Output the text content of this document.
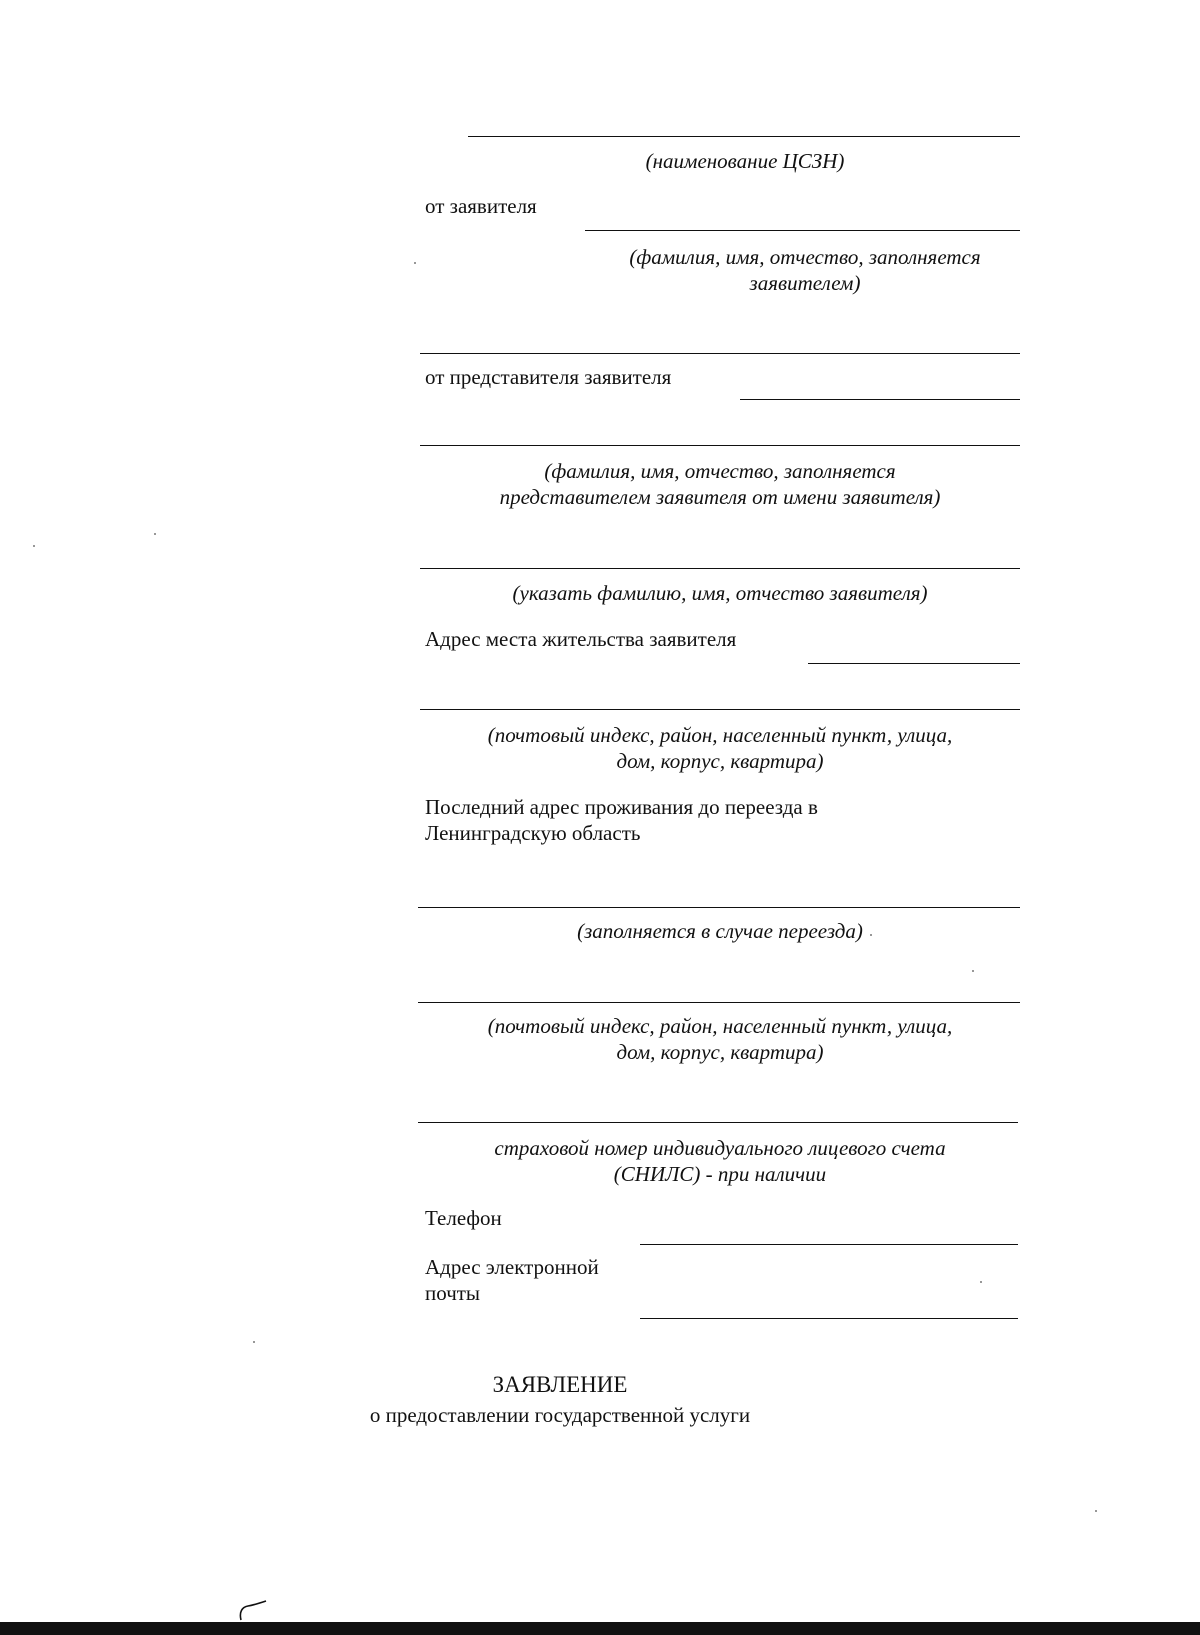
(наименование ЦСЗН)
от заявителя
(фамилия, имя, отчество, заполняется
заявителем)
от представителя заявителя
(фамилия, имя, отчество, заполняется
представителем заявителя от имени заявителя)
(указать фамилию, имя, отчество заявителя)
Адрес места жительства заявителя
(почтовый индекс, район, населенный пункт, улица,
дом, корпус, квартира)
Последний адрес проживания до переезда в
Ленинградскую область
(заполняется в случае переезда)
(почтовый индекс, район, населенный пункт, улица,
дом, корпус, квартира)
страховой номер индивидуального лицевого счета
(СНИЛС) - при наличии
Телефон
Адрес электронной
почты
ЗАЯВЛЕНИЕ
о предоставлении государственной услуги
